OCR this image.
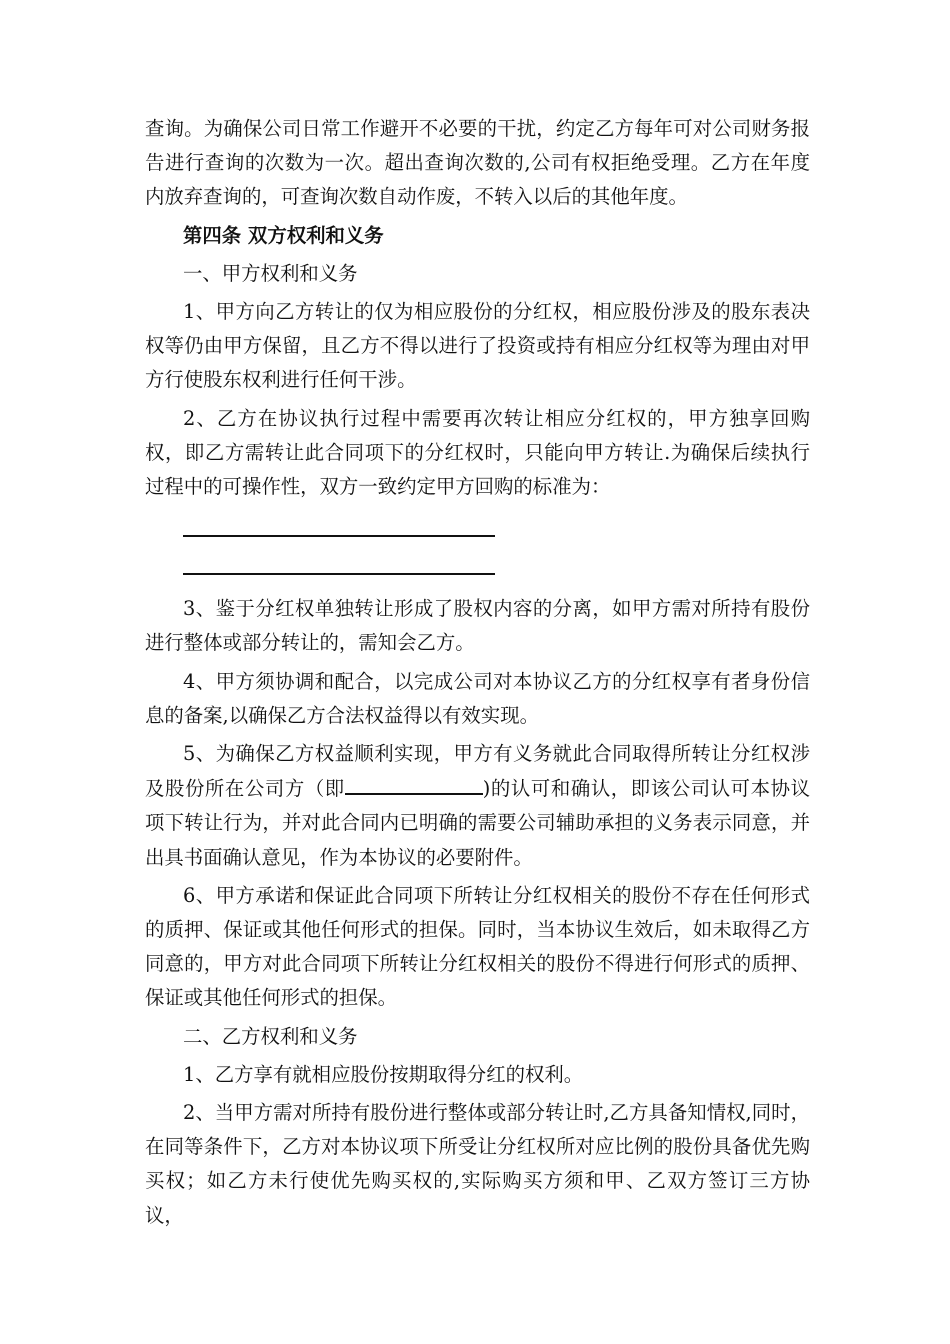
查询。为确保公司日常工作避开不必要的干扰，约定乙方每年可对公司财务报告进行查询的次数为一次。超出查询次数的,公司有权拒绝受理。乙方在年度内放弃查询的，可查询次数自动作废，不转入以后的其他年度。

第四条 双方权利和义务

一、甲方权利和义务

1、甲方向乙方转让的仅为相应股份的分红权，相应股份涉及的股东表决权等仍由甲方保留，且乙方不得以进行了投资或持有相应分红权等为理由对甲方行使股东权利进行任何干涉。

2、乙方在协议执行过程中需要再次转让相应分红权的，甲方独享回购权，即乙方需转让此合同项下的分红权时，只能向甲方转让.为确保后续执行过程中的可操作性，双方一致约定甲方回购的标准为：

3、鉴于分红权单独转让形成了股权内容的分离，如甲方需对所持有股份进行整体或部分转让的，需知会乙方。

4、甲方须协调和配合，以完成公司对本协议乙方的分红权享有者身份信息的备案,以确保乙方合法权益得以有效实现。

5、为确保乙方权益顺利实现，甲方有义务就此合同取得所转让分红权涉及股份所在公司方（即	)的认可和确认，即该公司认可本协议项下转让行为，并对此合同内已明确的需要公司辅助承担的义务表示同意，并出具书面确认意见，作为本协议的必要附件。

6、甲方承诺和保证此合同项下所转让分红权相关的股份不存在任何形式的质押、保证或其他任何形式的担保。同时，当本协议生效后，如未取得乙方同意的，甲方对此合同项下所转让分红权相关的股份不得进行何形式的质押、保证或其他任何形式的担保。

二、乙方权利和义务

1、乙方享有就相应股份按期取得分红的权利。

2、当甲方需对所持有股份进行整体或部分转让时,乙方具备知情权,同时，在同等条件下，乙方对本协议项下所受让分红权所对应比例的股份具备优先购买权；如乙方未行使优先购买权的,实际购买方须和甲、乙双方签订三方协议，
